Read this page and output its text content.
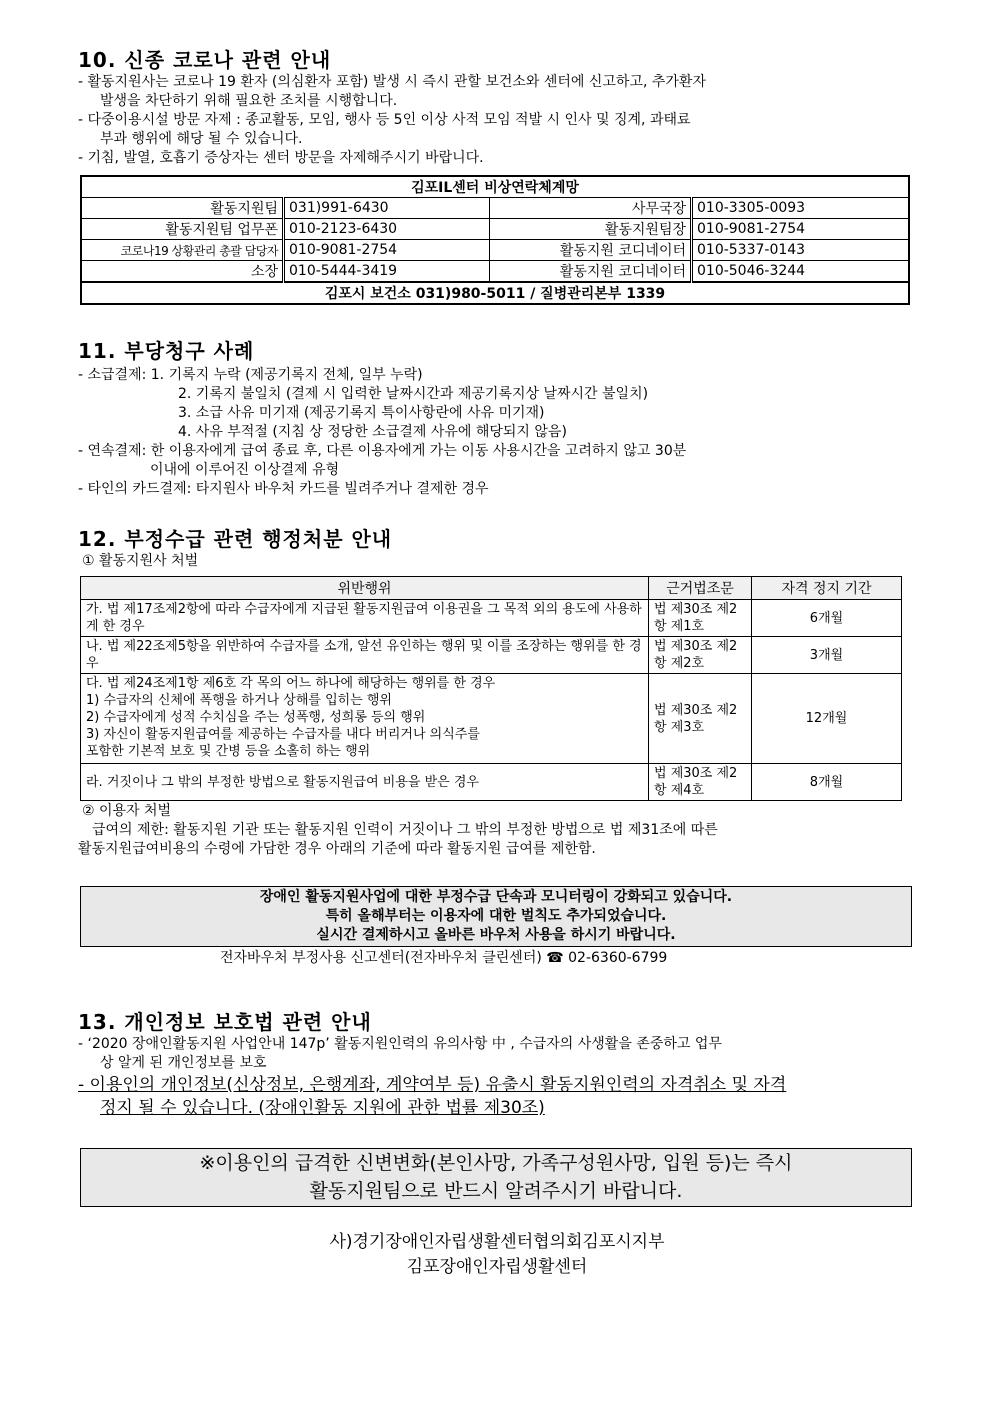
10. 신종 코로나 관련 안내
- 활동지원사는 코로나 19 환자 (의심환자 포함) 발생 시 즉시 관할 보건소와 센터에 신고하고, 추가환자
발생을 차단하기 위해 필요한 조치를 시행합니다.
- 다중이용시설 방문 자제 : 종교활동, 모임, 행사 등 5인 이상 사적 모임 적발 시 인사 및 징계, 과태료
부과 행위에 해당 될 수 있습니다.
- 기침, 발열, 호흡기 증상자는 센터 방문을 자제해주시기 바랍니다.
김포IL센터 비상연락체계망			
활동지원팀	031)991-6430	사무국장	010-3305-0093
활동지원팀 업무폰	010-2123-6430	활동지원팀장	010-9081-2754
코로나19 상황관리 총괄 담당자	010-9081-2754	활동지원 코디네이터	010-5337-0143
소장	010-5444-3419	활동지원 코디네이터	010-5046-3244
김포시 보건소 031)980-5011 / 질병관리본부 1339			
11. 부당청구 사례
- 소급결제: 1. 기록지 누락 (제공기록지 전체, 일부 누락)
2. 기록지 불일치 (결제 시 입력한 날짜시간과 제공기록지상 날짜시간 불일치)
3. 소급 사유 미기재 (제공기록지 특이사항란에 사유 미기재)
4. 사유 부적절 (지침 상 정당한 소급결제 사유에 해당되지 않음)
- 연속결제: 한 이용자에게 급여 종료 후, 다른 이용자에게 가는 이동 사용시간을 고려하지 않고 30분
이내에 이루어진 이상결제 유형
- 타인의 카드결제: 타지원사 바우처 카드를 빌려주거나 결제한 경우
12. 부정수급 관련 행정처분 안내
① 활동지원사 처벌
위반행위	근거법조문	자격 정지 기간
가. 법 제17조제2항에 따라 수급자에게 지급된 활동지원급여 이용권을 그 목적 외의 용도에 사용하게 한 경우	법 제30조 제2항 제1호	6개월
나. 법 제22조제5항을 위반하여 수급자를 소개, 알선 유인하는 행위 및 이를 조장하는 행위를 한 경우	법 제30조 제2항 제2호	3개월
다. 법 제24조제1항 제6호 각 목의 어느 하나에 해당하는 행위를 한 경우
1) 수급자의 신체에 폭행을 하거나 상해를 입히는 행위
2) 수급자에게 성적 수치심을 주는 성폭행, 성희롱 등의 행위
3) 자신이 활동지원급여를 제공하는 수급자를 내다 버리거나 의식주를
포함한 기본적 보호 및 간병 등을 소홀히 하는 행위	법 제30조 제2항 제3호	12개월
라. 거짓이나 그 밖의 부정한 방법으로 활동지원급여 비용을 받은 경우	법 제30조 제2항 제4호	8개월
② 이용자 처벌
급여의 제한: 활동지원 기관 또는 활동지원 인력이 거짓이나 그 밖의 부정한 방법으로 법 제31조에 따른
활동지원급여비용의 수령에 가담한 경우 아래의 기준에 따라 활동지원 급여를 제한함.
장애인 활동지원사업에 대한 부정수급 단속과 모니터링이 강화되고 있습니다.
특히 올해부터는 이용자에 대한 벌칙도 추가되었습니다.
실시간 결제하시고 올바른 바우처 사용을 하시기 바랍니다.
전자바우처 부정사용 신고센터(전자바우처 클린센터) ☎ 02-6360-6799
13. 개인정보 보호법 관련 안내
- ‘2020 장애인활동지원 사업안내 147p’ 활동지원인력의 유의사항 中 , 수급자의 사생활을 존중하고 업무
상 알게 된 개인정보를 보호
- 이용인의 개인정보(신상정보, 은행계좌, 계약여부 등) 유출시 활동지원인력의 자격취소 및 자격
정지 될 수 있습니다. (장애인활동 지원에 관한 법률 제30조)
※이용인의 급격한 신변변화(본인사망, 가족구성원사망, 입원 등)는 즉시
활동지원팀으로 반드시 알려주시기 바랍니다.
사)경기장애인자립생활센터협의회김포시지부
김포장애인자립생활센터
